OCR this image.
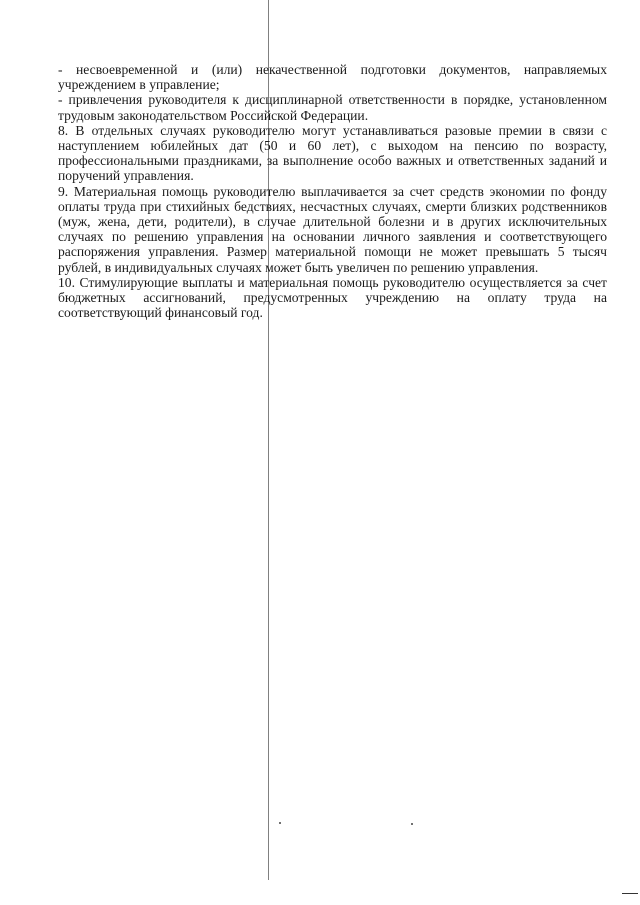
- несвоевременной и (или) некачественной подготовки документов, направляемых учреждением в управление;

- привлечения руководителя к дисциплинарной ответственности в порядке, установленном трудовым законодательством Российской Федерации.

8. В отдельных случаях руководителю могут устанавливаться разовые премии в связи с наступлением юбилейных дат (50 и 60 лет), с выходом на пенсию по возрасту, профессиональными праздниками, за выполнение особо важных и ответственных заданий и поручений управления.

9. Материальная помощь руководителю выплачивается за счет средств экономии по фонду оплаты труда при стихийных бедствиях, несчастных случаях, смерти близких родственников (муж, жена, дети, родители), в случае длительной болезни и в других исключительных случаях по решению управления на основании личного заявления и соответствующего распоряжения управления. Размер материальной помощи не может превышать 5 тысяч рублей, в индивидуальных случаях может быть увеличен по решению управления.

10. Стимулирующие выплаты и материальная помощь руководителю осуществляется за счет бюджетных ассигнований, предусмотренных учреждению на оплату труда на соответствующий финансовый год.
